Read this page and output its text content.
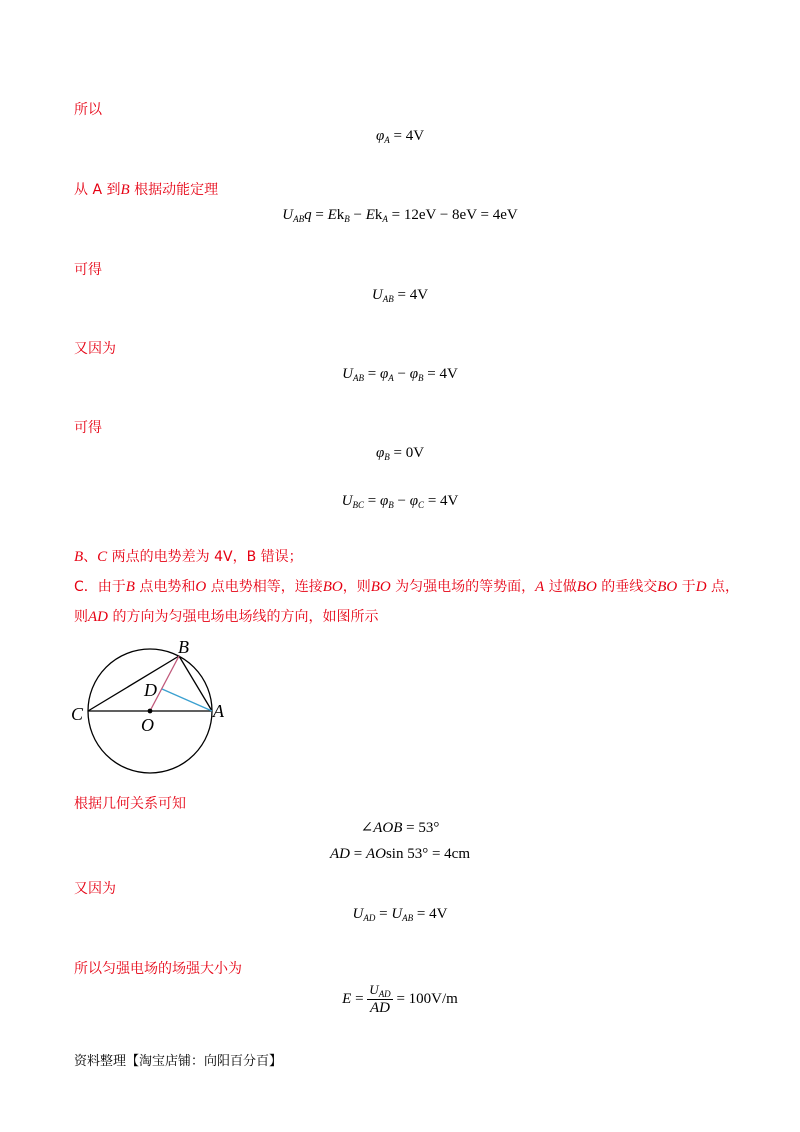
所以
$\varphi_A = 4V$
从 A 到B 根据动能定理
$U_{AB}q = Ek_B - Ek_A = 12eV - 8eV = 4eV$
可得
$U_{AB} = 4V$
又因为
$U_{AB} = \varphi_A - \varphi_B = 4V$
可得
$\varphi_B = 0V$
$U_{BC} = \varphi_B - \varphi_C = 4V$
B、C 两点的电势差为 4V，B 错误；
C．由于B 点电势和O 点电势相等，连接BO，则BO 为匀强电场的等势面，A 过做BO 的垂线交BO 于D 点，
则AD 的方向为匀强电场电场线的方向，如图所示
B
D
C
O
A
根据几何关系可知
∠AOB = 53°
AD = AOsin 53° = 4cm
又因为
$U_{AD} = U_{AB} = 4V$
所以匀强电场的场强大小为
$E = \frac{U_{AD}}{AD} = 100V/m$
资料整理【淘宝店铺：向阳百分百】
